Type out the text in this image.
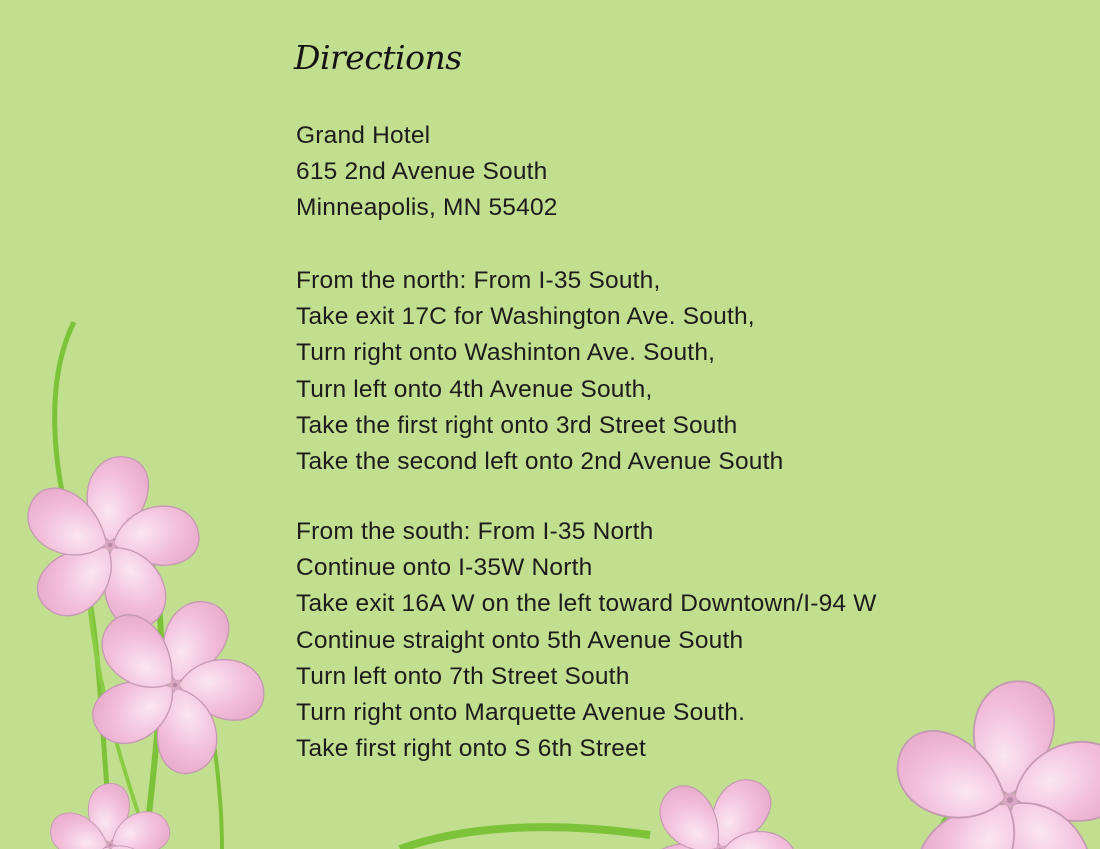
Directions
Grand Hotel
615 2nd Avenue South
Minneapolis, MN 55402
From the north: From I-35 South,
Take exit 17C for Washington Ave. South,
Turn right onto Washinton Ave. South,
Turn left onto 4th Avenue South,
Take the first right onto 3rd Street South
Take the second left onto 2nd Avenue South
From the south: From I-35 North
Continue onto I-35W North
Take exit 16A W on the left toward Downtown/I-94 W
Continue straight onto 5th Avenue South
Turn left onto 7th Street South
Turn right onto Marquette Avenue South.
Take first right onto S 6th Street
